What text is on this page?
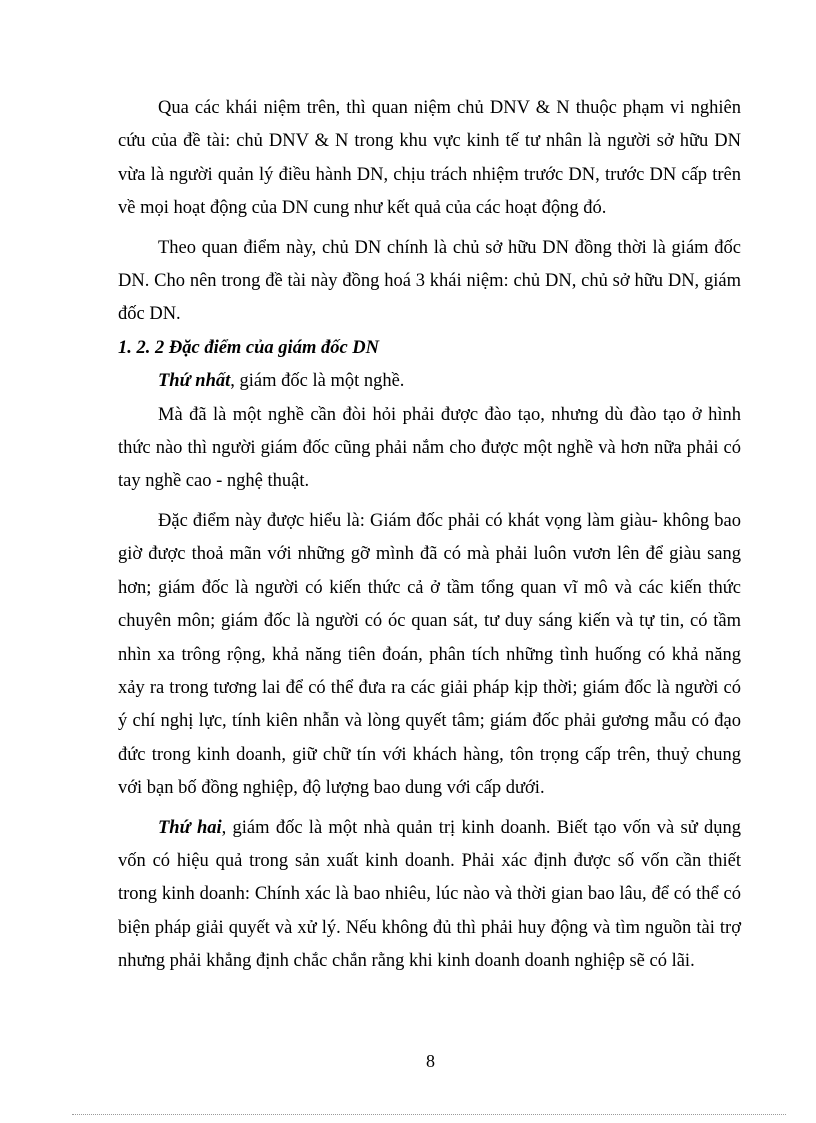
Qua các khái niệm trên, thì quan niệm chủ DNV & N thuộc phạm vi nghiên cứu của đề tài: chủ DNV & N trong khu vực kinh tế tư nhân là người sở hữu DN vừa là người quản lý điều hành DN, chịu trách nhiệm trước DN, trước DN cấp trên về mọi hoạt động của DN cung như kết quả của các hoạt động đó.

Theo quan điểm này, chủ DN chính là chủ sở hữu DN đồng thời là giám đốc DN. Cho nên trong đề tài này đồng hoá 3 khái niệm: chủ DN, chủ sở hữu DN, giám đốc DN.

1. 2. 2 Đặc điểm của giám đốc DN

Thứ nhất, giám đốc là một nghề.

Mà đã là một nghề cần đòi hỏi phải được đào tạo, nhưng dù đào tạo ở hình thức nào thì người giám đốc cũng phải nắm cho được một nghề và hơn nữa phải có tay nghề cao - nghệ thuật.

Đặc điểm này được hiểu là: Giám đốc phải có khát vọng làm giàu- không bao giờ được thoả mãn với những gỡ mình đã có mà phải luôn vươn lên để giàu sang hơn; giám đốc là người có kiến thức cả ở tầm tổng quan vĩ mô và các kiến thức chuyên môn; giám đốc là người có óc quan sát, tư duy sáng kiến và tự tin, có tầm nhìn xa trông rộng, khả năng tiên đoán, phân tích những tình huống có khả năng xảy ra trong tương lai để có thể đưa ra các giải pháp kịp thời; giám đốc là người có ý chí nghị lực, tính kiên nhẫn và lòng quyết tâm; giám đốc phải gương mẫu có đạo đức trong kinh doanh, giữ chữ tín với khách hàng, tôn trọng cấp trên, thuỷ chung với bạn bố đồng nghiệp, độ lượng bao dung với cấp dưới.

Thứ hai, giám đốc là một nhà quản trị kinh doanh. Biết tạo vốn và sử dụng vốn có hiệu quả trong sản xuất kinh doanh. Phải xác định được số vốn cần thiết trong kinh doanh: Chính xác là bao nhiêu, lúc nào và thời gian bao lâu, để có thể có biện pháp giải quyết và xử lý. Nếu không đủ thì phải huy động và tìm nguồn tài trợ nhưng phải khẳng định chắc chắn rằng khi kinh doanh doanh nghiệp sẽ có lãi.

8
